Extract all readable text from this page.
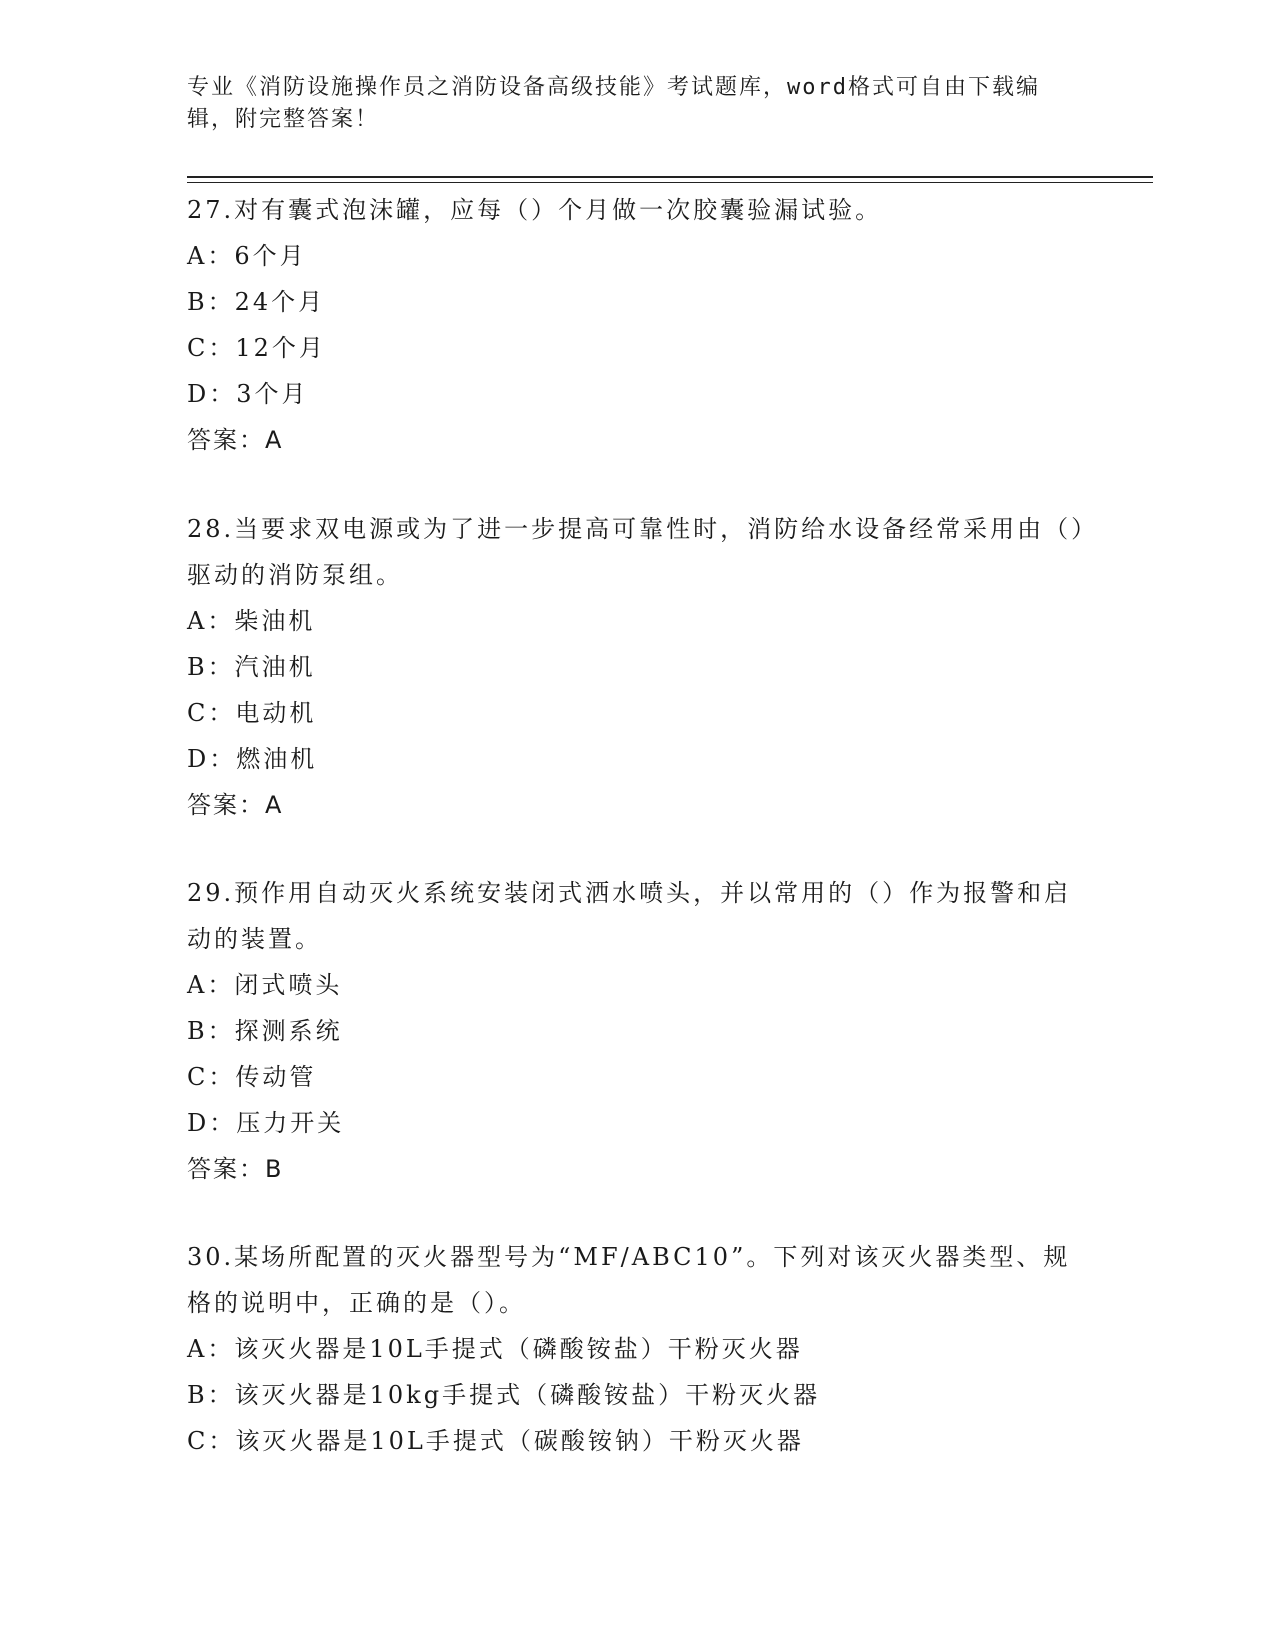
专业《消防设施操作员之消防设备高级技能》考试题库，word格式可自由下载编辑，附完整答案！
27.对有囊式泡沫罐，应每（）个月做一次胶囊验漏试验。
A：6个月
B：24个月
C：12个月
D：3个月
答案：A
28.当要求双电源或为了进一步提高可靠性时，消防给水设备经常采用由（）驱动的消防泵组。
A：柴油机
B：汽油机
C：电动机
D：燃油机
答案：A
29.预作用自动灭火系统安装闭式洒水喷头，并以常用的（）作为报警和启动的装置。
A：闭式喷头
B：探测系统
C：传动管
D：压力开关
答案：B
30.某场所配置的灭火器型号为“MF/ABC10”。下列对该灭火器类型、规格的说明中，正确的是（）。
A：该灭火器是10L手提式（磷酸铵盐）干粉灭火器
B：该灭火器是10kg手提式（磷酸铵盐）干粉灭火器
C：该灭火器是10L手提式（碳酸铵钠）干粉灭火器
